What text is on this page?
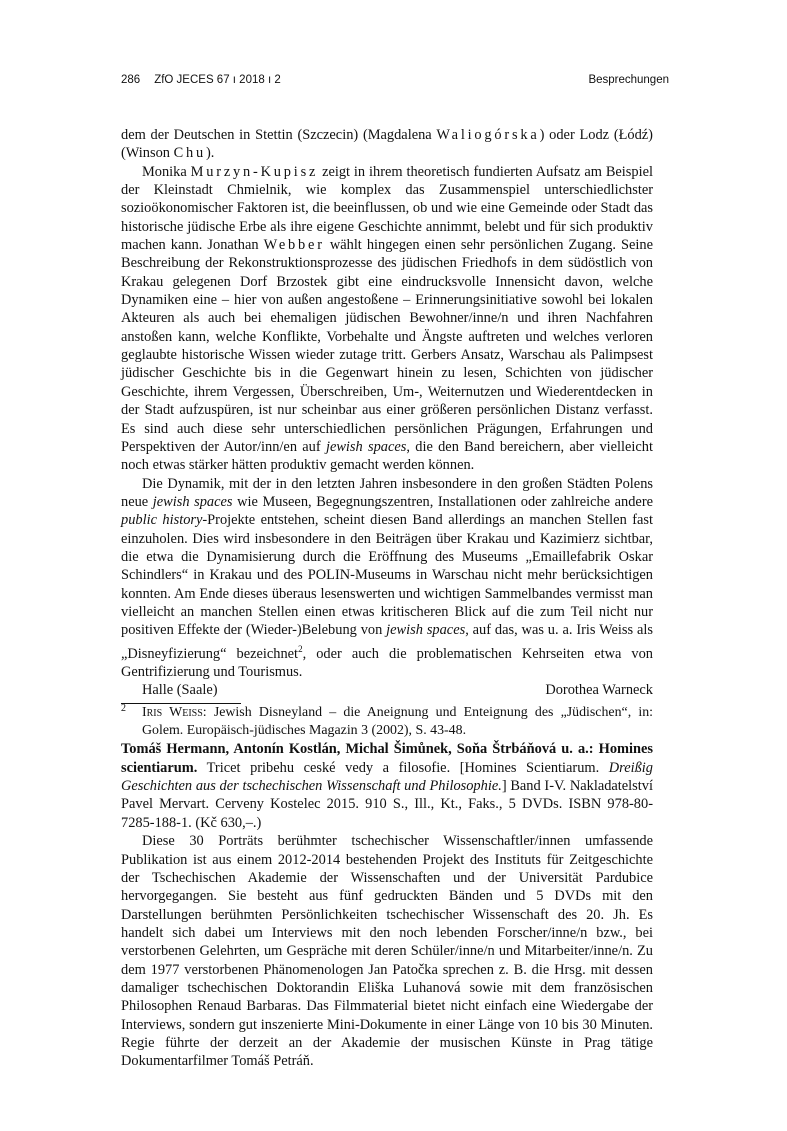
286 ZfO JECES 67 ı 2018 ı 2	Besprechungen

dem der Deutschen in Stettin (Szczecin) (Magdalena Waliogórska) oder Lodz (Łódź) (Winson Chu).

Monika Murzyn-Kupisz zeigt in ihrem theoretisch fundierten Aufsatz am Beispiel der Kleinstadt Chmielnik, wie komplex das Zusammenspiel unterschiedlichster sozioökonomischer Faktoren ist, die beeinflussen, ob und wie eine Gemeinde oder Stadt das historische jüdische Erbe als ihre eigene Geschichte annimmt, belebt und für sich produktiv machen kann. Jonathan Webber wählt hingegen einen sehr persönlichen Zugang. Seine Beschreibung der Rekonstruktionsprozesse des jüdischen Friedhofs in dem südöstlich von Krakau gelegenen Dorf Brzostek gibt eine eindrucksvolle Innensicht davon, welche Dynamiken eine – hier von außen angestoßene – Erinnerungsinitiative sowohl bei lokalen Akteuren als auch bei ehemaligen jüdischen Bewohner/inne/n und ihren Nachfahren anstoßen kann, welche Konflikte, Vorbehalte und Ängste auftreten und welches verloren geglaubte historische Wissen wieder zutage tritt. Gerbers Ansatz, Warschau als Palimpsest jüdischer Geschichte bis in die Gegenwart hinein zu lesen, Schichten von jüdischer Geschichte, ihrem Vergessen, Überschreiben, Um-, Weiternutzen und Wiederentdecken in der Stadt aufzuspüren, ist nur scheinbar aus einer größeren persönlichen Distanz verfasst. Es sind auch diese sehr unterschiedlichen persönlichen Prägungen, Erfahrungen und Perspektiven der Autor/inn/en auf jewish spaces, die den Band bereichern, aber vielleicht noch etwas stärker hätten produktiv gemacht werden können.

Die Dynamik, mit der in den letzten Jahren insbesondere in den großen Städten Polens neue jewish spaces wie Museen, Begegnungszentren, Installationen oder zahlreiche andere public history-Projekte entstehen, scheint diesen Band allerdings an manchen Stellen fast einzuholen. Dies wird insbesondere in den Beiträgen über Krakau und Kazimierz sichtbar, die etwa die Dynamisierung durch die Eröffnung des Museums „Emaillefabrik Oskar Schindlers“ in Krakau und des POLIN-Museums in Warschau nicht mehr berücksichtigen konnten. Am Ende dieses überaus lesenswerten und wichtigen Sammelbandes vermisst man vielleicht an manchen Stellen einen etwas kritischeren Blick auf die zum Teil nicht nur positiven Effekte der (Wieder-)Belebung von jewish spaces, auf das, was u. a. Iris Weiss als „Disneyfizierung“ bezeichnet$^2$, oder auch die problematischen Kehrseiten etwa von Gentrifizierung und Tourismus.

Halle (Saale)	Dorothea Warneck

2 Iris Weiss: Jewish Disneyland – die Aneignung und Enteignung des „Jüdischen“, in: Golem. Europäisch-jüdisches Magazin 3 (2002), S. 43-48.

Tomáš Hermann, Antonín Kostlán, Michal Šimůnek, Soňa Štrbáňová u. a.: Homines scientiarum. Tricet pribehu ceské vedy a filosofie. [Homines Scientiarum. Dreißig Geschichten aus der tschechischen Wissenschaft und Philosophie.] Band I-V. Nakladatelství Pavel Mervart. Cerveny Kostelec 2015. 910 S., Ill., Kt., Faks., 5 DVDs. ISBN 978-80-7285-188-1. (Kč 630,–.)

Diese 30 Porträts berühmter tschechischer Wissenschaftler/innen umfassende Publikation ist aus einem 2012-2014 bestehenden Projekt des Instituts für Zeitgeschichte der Tschechischen Akademie der Wissenschaften und der Universität Pardubice hervorgegangen. Sie besteht aus fünf gedruckten Bänden und 5 DVDs mit den Darstellungen berühmten Persönlichkeiten tschechischer Wissenschaft des 20. Jh. Es handelt sich dabei um Interviews mit den noch lebenden Forscher/inne/n bzw., bei verstorbenen Gelehrten, um Gespräche mit deren Schüler/inne/n und Mitarbeiter/inne/n. Zu dem 1977 verstorbenen Phänomenologen Jan Patočka sprechen z. B. die Hrsg. mit dessen damaliger tschechischen Doktorandin Eliška Luhanová sowie mit dem französischen Philosophen Renaud Barbaras. Das Filmmaterial bietet nicht einfach eine Wiedergabe der Interviews, sondern gut inszenierte Mini-Dokumente in einer Länge von 10 bis 30 Minuten. Regie führte der derzeit an der Akademie der musischen Künste in Prag tätige Dokumentarfilmer Tomáš Petráň.
